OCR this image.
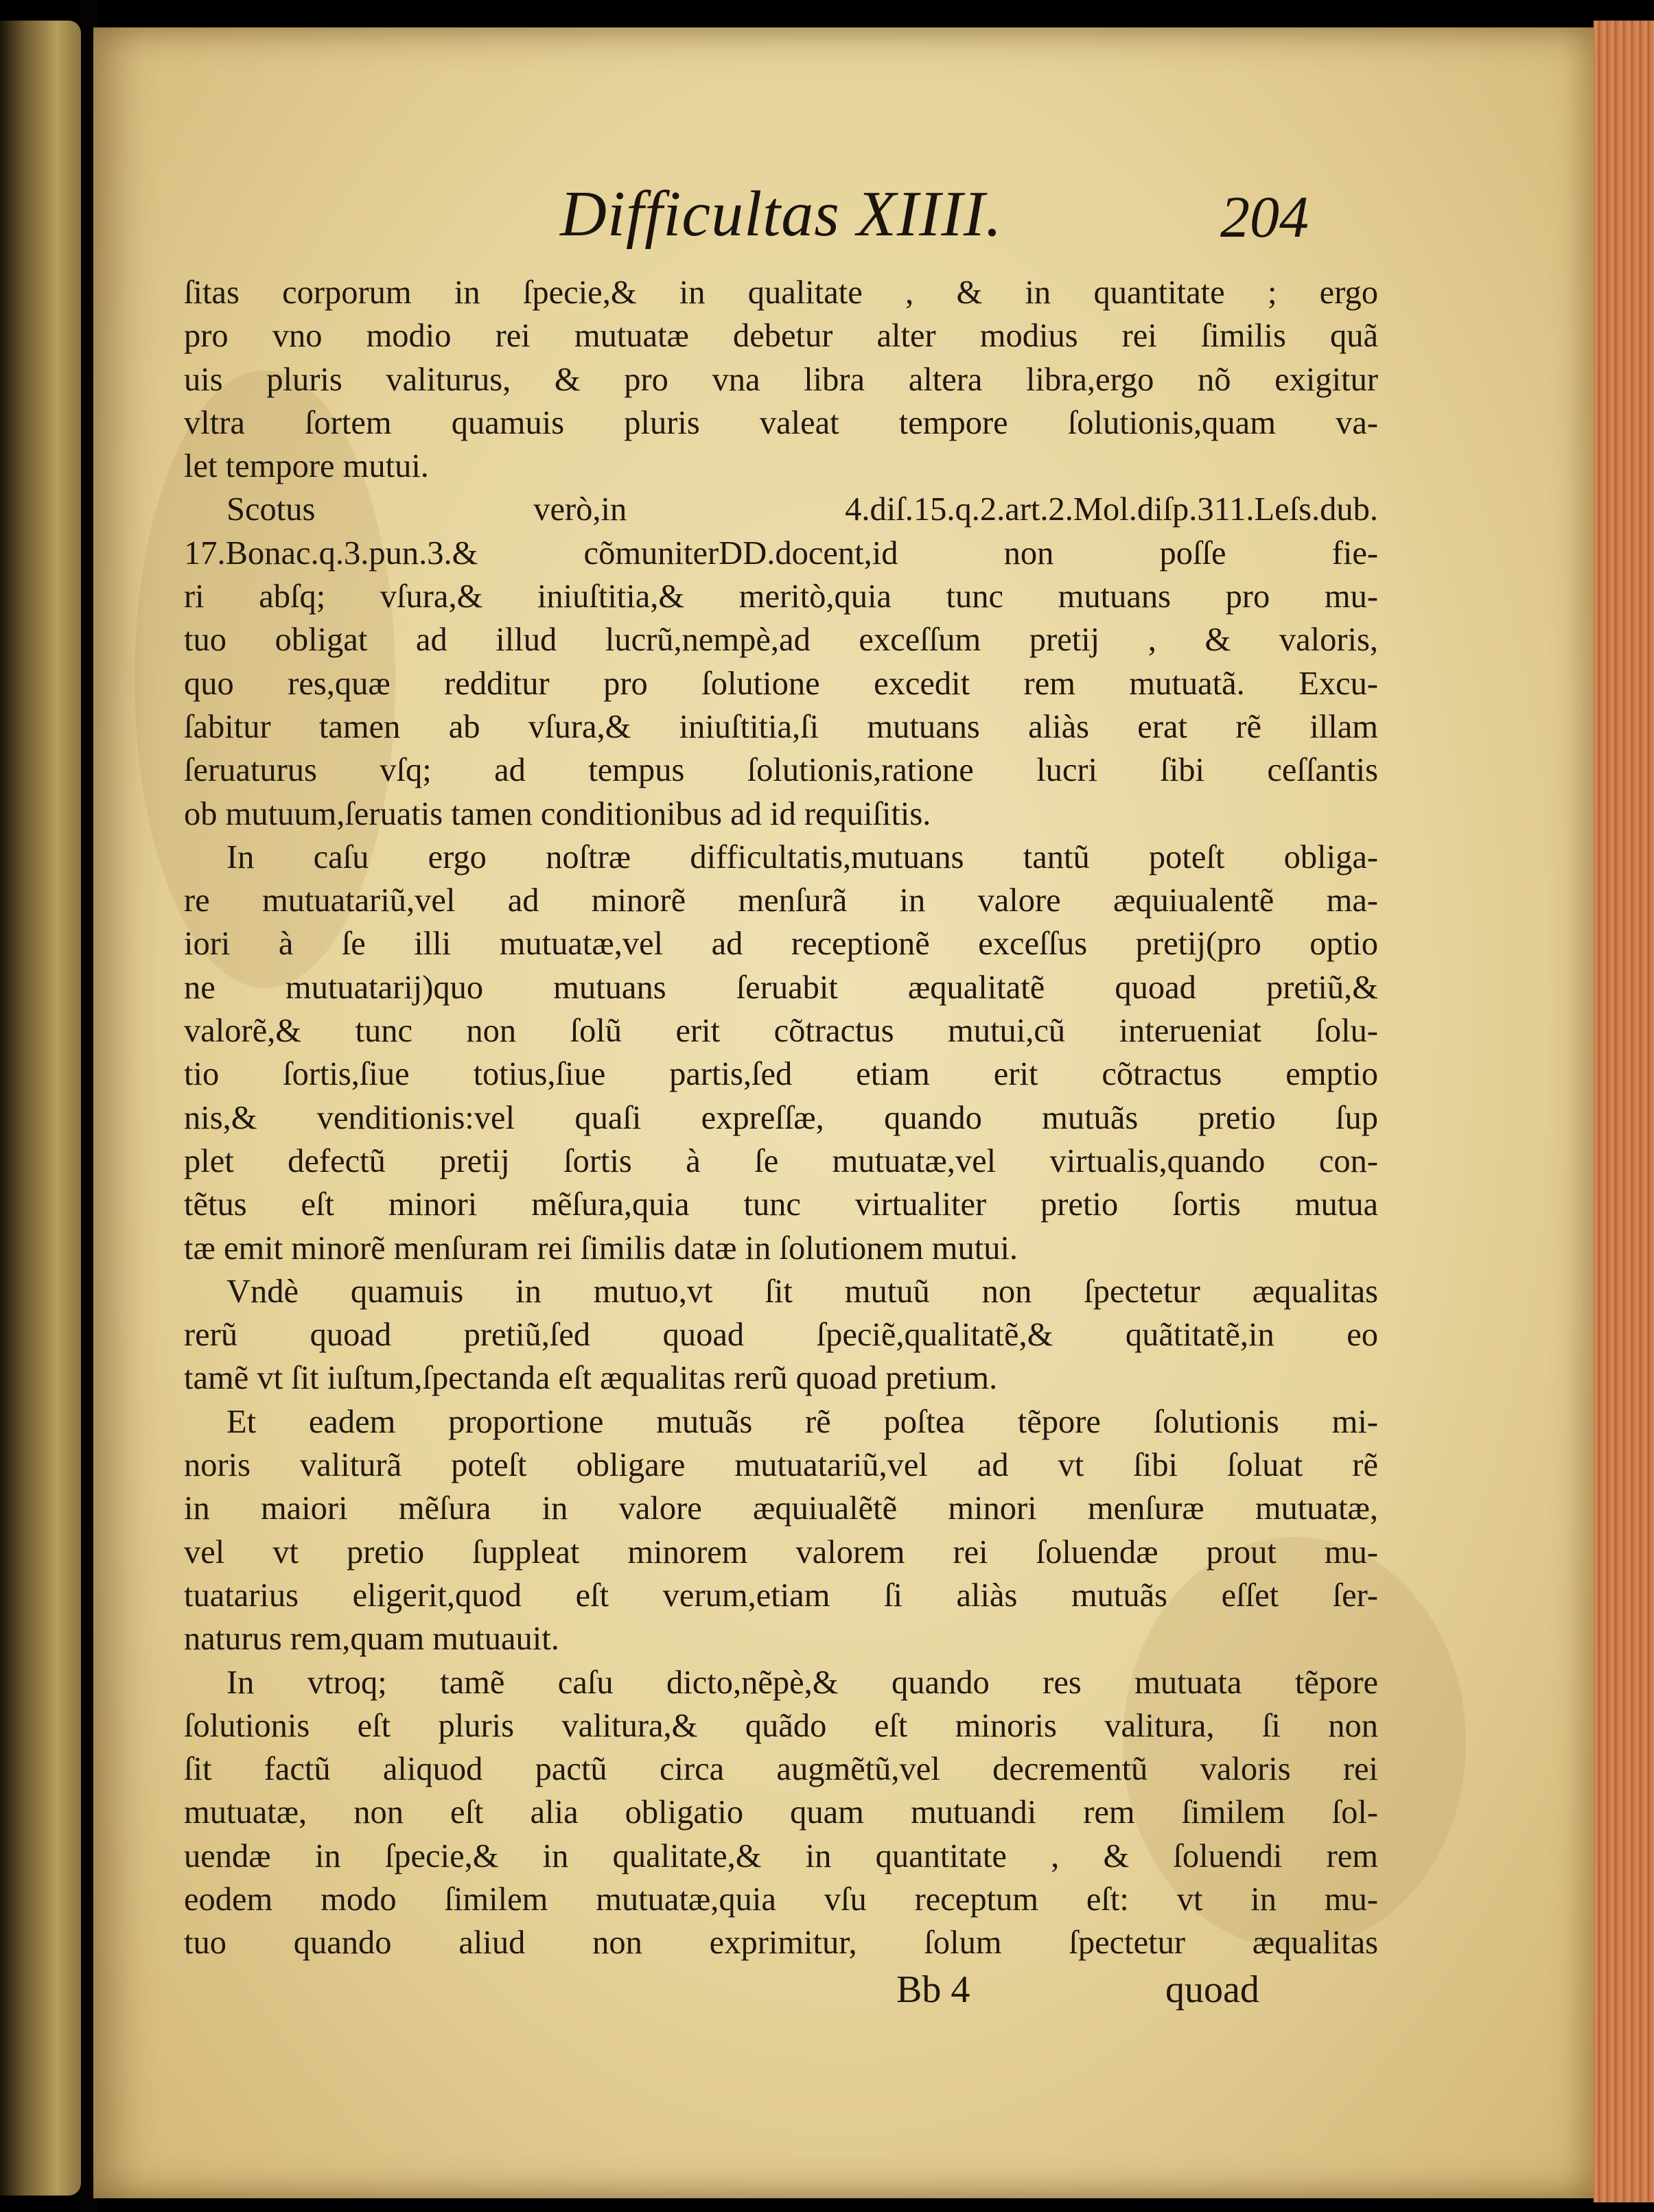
Difficultas XIIII.	204
ſitas corporum in ſpecie,& in qualitate , & in quantitate ; ergo
pro vno modio rei mutuatæ debetur alter modius rei ſimilis quã
uis pluris valiturus, & pro vna libra altera libra,ergo nõ exigitur
vltra ſortem quamuis pluris valeat tempore ſolutionis,quam va-
let tempore mutui.
Scotus verò,in 4.diſ.15.q.2.art.2.Mol.diſp.311.Leſs.dub.
17.Bonac.q.3.pun.3.& cõmuniterDD.docent,id non poſſe fie-
ri abſq; vſura,& iniuſtitia,& meritò,quia tunc mutuans pro mu-
tuo obligat ad illud lucrũ,nempè,ad exceſſum pretij , & valoris,
quo res,quæ redditur pro ſolutione excedit rem mutuatã. Excu-
ſabitur tamen ab vſura,& iniuſtitia,ſi mutuans aliàs erat rẽ illam
ſeruaturus vſq; ad tempus ſolutionis,ratione lucri ſibi ceſſantis
ob mutuum,ſeruatis tamen conditionibus ad id requiſitis.
In caſu ergo noſtræ difficultatis,mutuans tantũ poteſt obliga-
re mutuatariũ,vel ad minorẽ menſurã in valore æquiualentẽ ma-
iori à ſe illi mutuatæ,vel ad receptionẽ exceſſus pretij(pro optio
ne mutuatarij)quo mutuans ſeruabit æqualitatẽ quoad pretiũ,&
valorẽ,& tunc non ſolũ erit cõtractus mutui,cũ interueniat ſolu-
tio ſortis,ſiue totius,ſiue partis,ſed etiam erit cõtractus emptio
nis,& venditionis:vel quaſi expreſſæ, quando mutuãs pretio ſup
plet defectũ pretij ſortis à ſe mutuatæ,vel virtualis,quando con-
tẽtus eſt minori mẽſura,quia tunc virtualiter pretio ſortis mutua
tæ emit minorẽ menſuram rei ſimilis datæ in ſolutionem mutui.
Vndè quamuis in mutuo,vt ſit mutuũ non ſpectetur æqualitas
rerũ quoad pretiũ,ſed quoad ſpeciẽ,qualitatẽ,& quãtitatẽ,in eo
tamẽ vt ſit iuſtum,ſpectanda eſt æqualitas rerũ quoad pretium.
Et eadem proportione mutuãs rẽ poſtea tẽpore ſolutionis mi-
noris valiturã poteſt obligare mutuatariũ,vel ad vt ſibi ſoluat rẽ
in maiori mẽſura in valore æquiualẽtẽ minori menſuræ mutuatæ,
vel vt pretio ſuppleat minorem valorem rei ſoluendæ prout mu-
tuatarius eligerit,quod eſt verum,etiam ſi aliàs mutuãs eſſet ſer-
naturus rem,quam mutuauit.
In vtroq; tamẽ caſu dicto,nẽpè,& quando res mutuata tẽpore
ſolutionis eſt pluris valitura,& quãdo eſt minoris valitura, ſi non
ſit factũ aliquod pactũ circa augmẽtũ,vel decrementũ valoris rei
mutuatæ, non eſt alia obligatio quam mutuandi rem ſimilem ſol-
uendæ in ſpecie,& in qualitate,& in quantitate , & ſoluendi rem
eodem modo ſimilem mutuatæ,quia vſu receptum eſt: vt in mu-
tuo quando aliud non exprimitur, ſolum ſpectetur æqualitas
Bb 4	quoad
